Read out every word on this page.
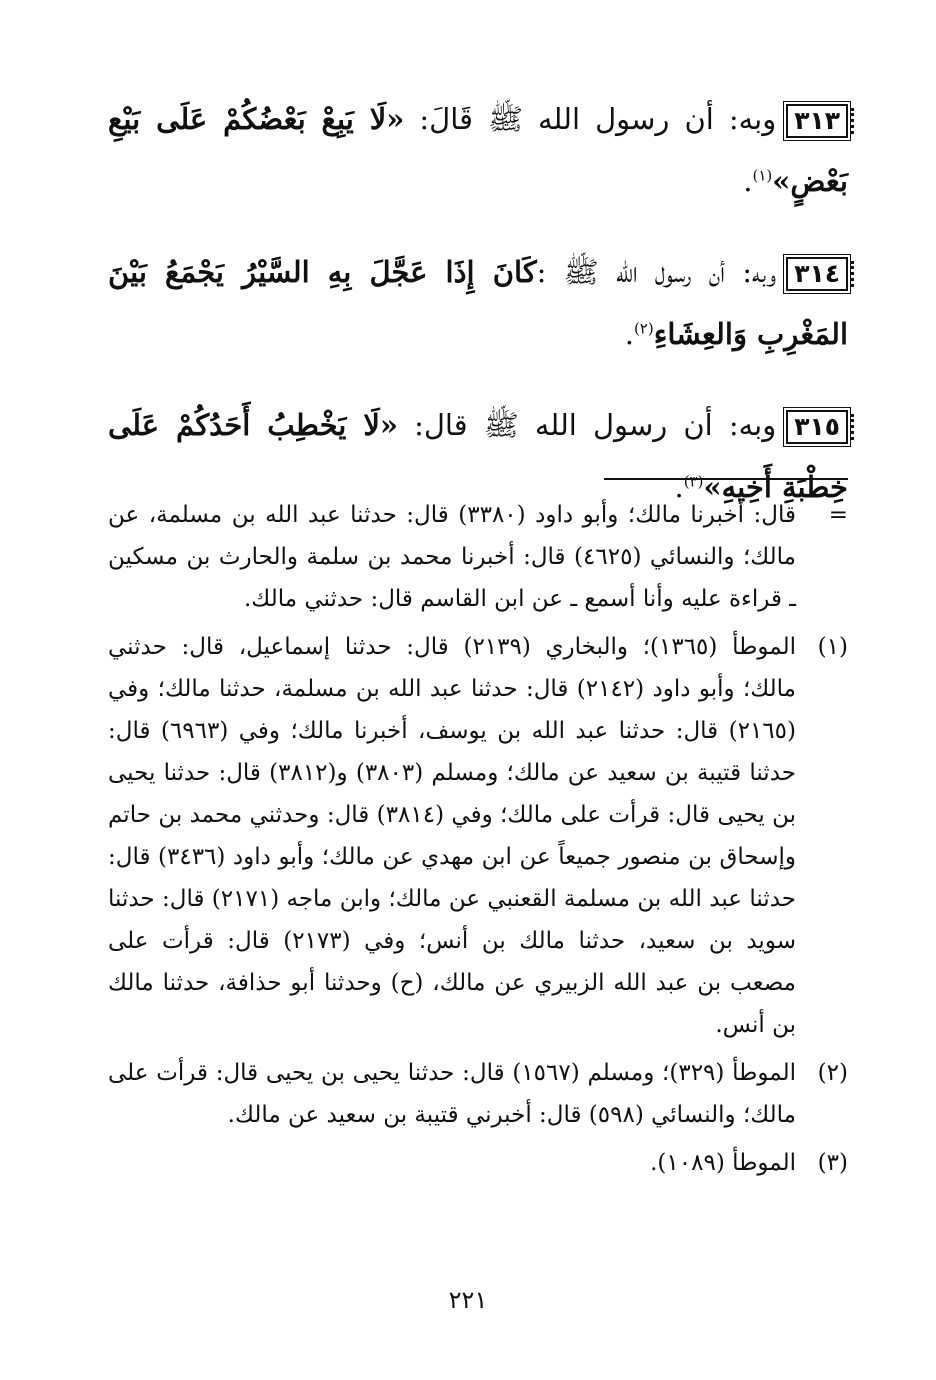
٣١٣وبه: أن رسول الله ﷺ قَالَ: «لَا يَبِعْ بَعْضُكُمْ عَلَى بَيْعِ بَعْضٍ»$^{(١)}$.

٣١٤وبه: أن رسول الله ﷺ :كَانَ إِذَا عَجَّلَ بِهِ السَّيْرُ يَجْمَعُ بَيْنَ المَغْرِبِ وَالعِشَاءِ$^{(٢)}$.

٣١٥وبه: أن رسول الله ﷺ قال: «لَا يَخْطِبُ أَحَدُكُمْ عَلَى خِطْبَةِ أَخِيهِ»$^{(٣)}$.

=
قال: أخبرنا مالك؛ وأبو داود (٣٣٨٠) قال: حدثنا عبد الله بن مسلمة، عن مالك؛ والنسائي (٤٦٢٥) قال: أخبرنا محمد بن سلمة والحارث بن مسكين ـ قراءة عليه وأنا أسمع ـ عن ابن القاسم قال: حدثني مالك.
(١)
الموطأ (١٣٦٥)؛ والبخاري (٢١٣٩) قال: حدثنا إسماعيل، قال: حدثني مالك؛ وأبو داود (٢١٤٢) قال: حدثنا عبد الله بن مسلمة، حدثنا مالك؛ وفي (٢١٦٥) قال: حدثنا عبد الله بن يوسف، أخبرنا مالك؛ وفي (٦٩٦٣) قال: حدثنا قتيبة بن سعيد عن مالك؛ ومسلم (٣٨٠٣) و(٣٨١٢) قال: حدثنا يحيى بن يحيى قال: قرأت على مالك؛ وفي (٣٨١٤) قال: وحدثني محمد بن حاتم وإسحاق بن منصور جميعاً عن ابن مهدي عن مالك؛ وأبو داود (٣٤٣٦) قال: حدثنا عبد الله بن مسلمة القعنبي عن مالك؛ وابن ماجه (٢١٧١) قال: حدثنا سويد بن سعيد، حدثنا مالك بن أنس؛ وفي (٢١٧٣) قال: قرأت على مصعب بن عبد الله الزبيري عن مالك، (ح) وحدثنا أبو حذافة، حدثنا مالك بن أنس.
(٢)
الموطأ (٣٢٩)؛ ومسلم (١٥٦٧) قال: حدثنا يحيى بن يحيى قال: قرأت على مالك؛ والنسائي (٥٩٨) قال: أخبرني قتيبة بن سعيد عن مالك.
(٣)
الموطأ (١٠٨٩).
٢٢١
